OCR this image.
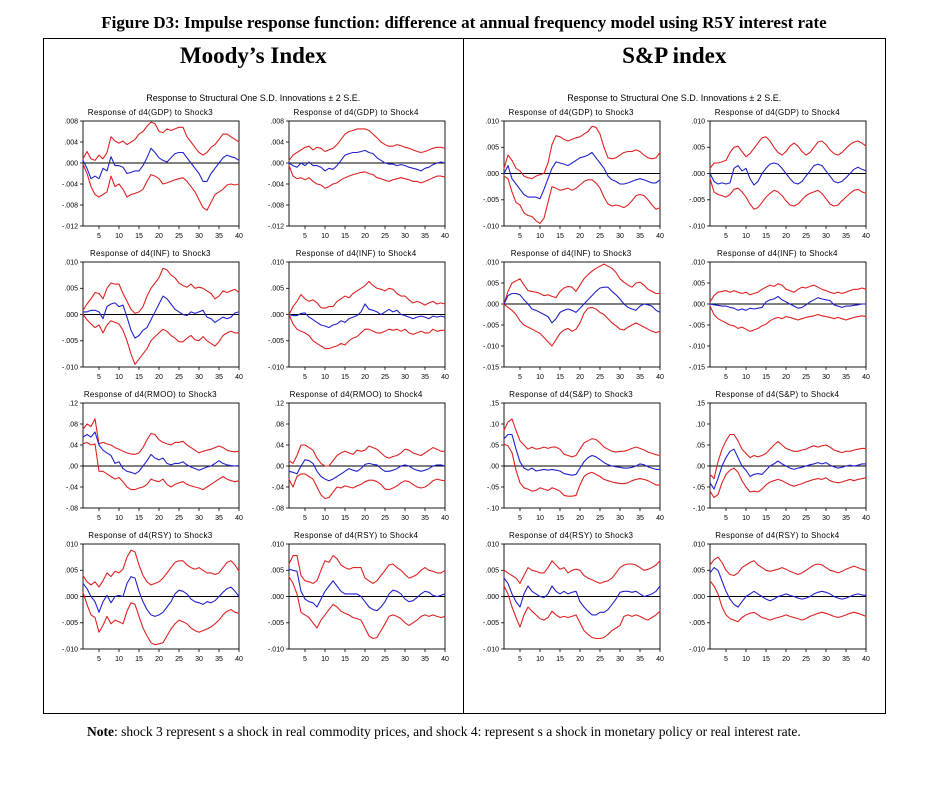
Figure D3: Impulse response function: difference at annual frequency model using R5Y interest rate
Moody’s Index
Response to Structural One S.D. Innovations ± 2 S.E.
Response of d4(GDP) to Shock3
.008
.004
.000
-.004
-.008
-.012
5 10 15 20 25 30 35 40
Response of d4(GDP) to Shock4
.008
.004
.000
-.004
-.008
-.012
5 10 15 20 25 30 35 40
Response of d4(INF) to Shock3
.010
.005
.000
-.005
-.010
5 10 15 20 25 30 35 40
Response of d4(INF) to Shock4
.010
.005
.000
-.005
-.010
5 10 15 20 25 30 35 40
Response of d4(RMOO) to Shock3
.12
.08
.04
.00
-.04
-.08
5 10 15 20 25 30 35 40
Response of d4(RMOO) to Shock4
.12
.08
.04
.00
-.04
-.08
5 10 15 20 25 30 35 40
Response of d4(RSY) to Shock3
.010
.005
.000
-.005
-.010
5 10 15 20 25 30 35 40
Response of d4(RSY) to Shock4
.010
.005
.000
-.005
-.010
5 10 15 20 25 30 35 40
S&P index
Response to Structural One S.D. Innovations ± 2 S.E.
Response of d4(GDP) to Shock3
.010
.005
.000
-.005
-.010
5 10 15 20 25 30 35 40
Response of d4(GDP) to Shock4
.010
.005
.000
-.005
-.010
5 10 15 20 25 30 35 40
Response of d4(INF) to Shock3
.010
.005
.000
-.005
-.010
-.015
5 10 15 20 25 30 35 40
Response of d4(INF) to Shock4
.010
.005
.000
-.005
-.010
-.015
5 10 15 20 25 30 35 40
Response of d4(S&P) to Shock3
.15
.10
.05
.00
-.05
-.10
5 10 15 20 25 30 35 40
Response of d4(S&P) to Shock4
.15
.10
.05
.00
-.05
-.10
5 10 15 20 25 30 35 40
Response of d4(RSY) to Shock3
.010
.005
.000
-.005
-.010
5 10 15 20 25 30 35 40
Response of d4(RSY) to Shock4
.010
.005
.000
-.005
-.010
5 10 15 20 25 30 35 40

Note: shock 3 represent s a shock in real commodity prices, and shock 4: represent s a shock in monetary policy or real interest rate.
